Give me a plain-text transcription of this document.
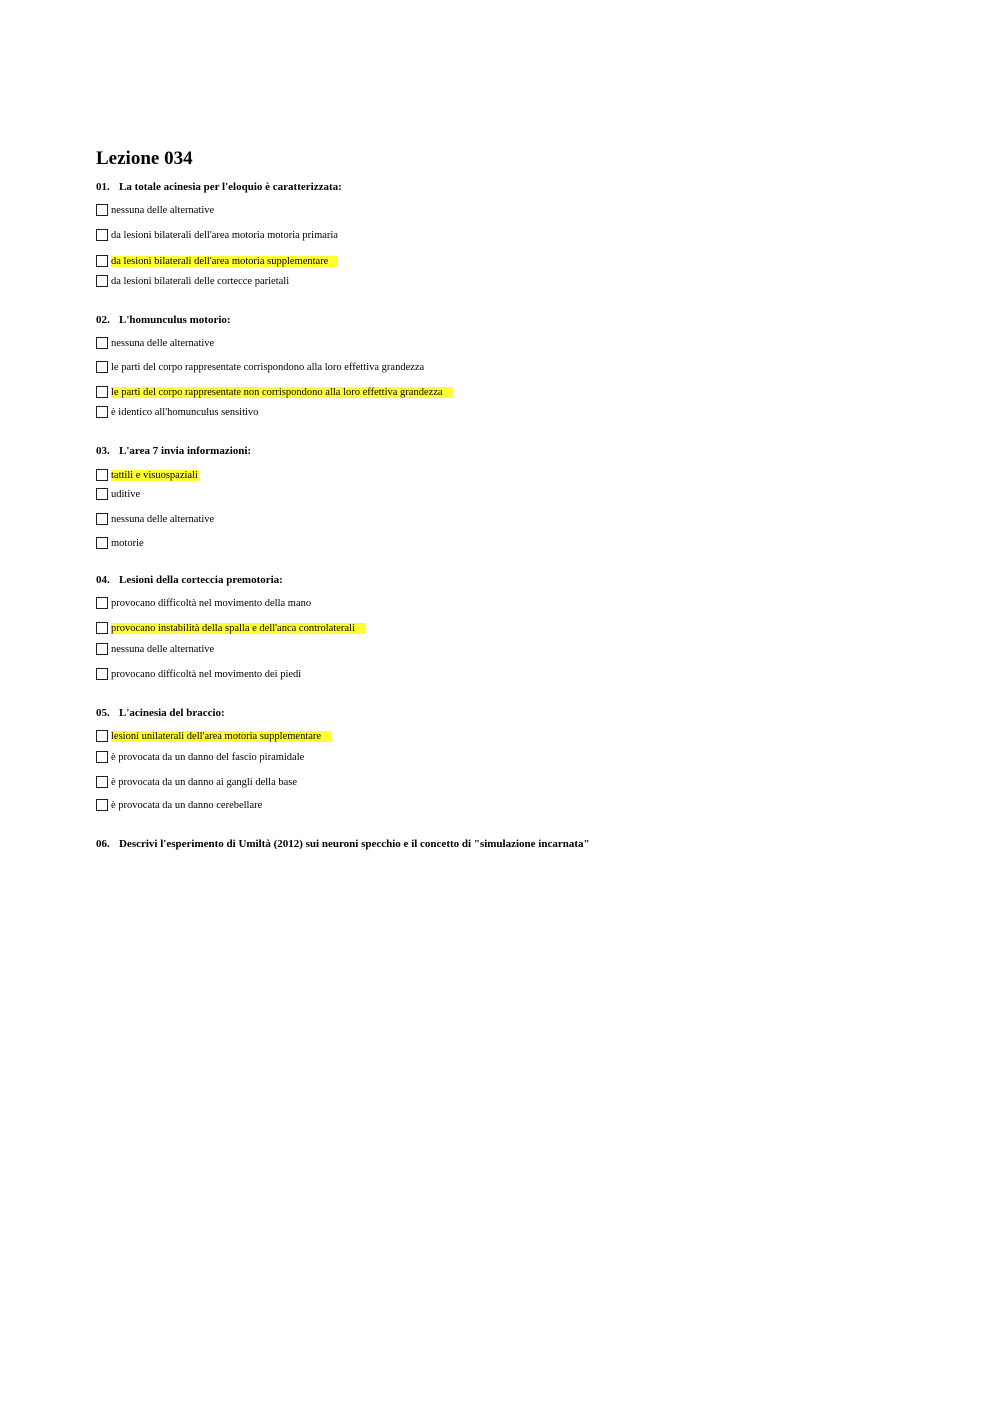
Lezione 034
01. La totale acinesia per l'eloquio è caratterizzata:
nessuna delle alternative
da lesioni bilaterali dell'area motoria motoria primaria
da lesioni bilaterali dell'area motoria supplementare
da lesioni bilaterali delle cortecce parietali
02. L'homunculus motorio:
nessuna delle alternative
le parti del corpo rappresentate corrispondono alla loro effettiva grandezza
le parti del corpo rappresentate non corrispondono alla loro effettiva grandezza
è identico all'homunculus sensitivo
03. L'area 7 invia informazioni:
tattili e visuospaziali
uditive
nessuna delle alternative
motorie
04. Lesioni della corteccia premotoria:
provocano difficoltà nel movimento della mano
provocano instabilità della spalla e dell'anca controlaterali
nessuna delle alternative
provocano difficoltà nel movimento dei piedi
05. L'acinesia del braccio:
lesioni unilaterali dell'area motoria supplementare
è provocata da un danno del fascio piramidale
è provocata da un danno ai gangli della base
è provocata da un danno cerebellare
06. Descrivi l'esperimento di Umiltà (2012) sui neuroni specchio e il concetto di "simulazione incarnata"
